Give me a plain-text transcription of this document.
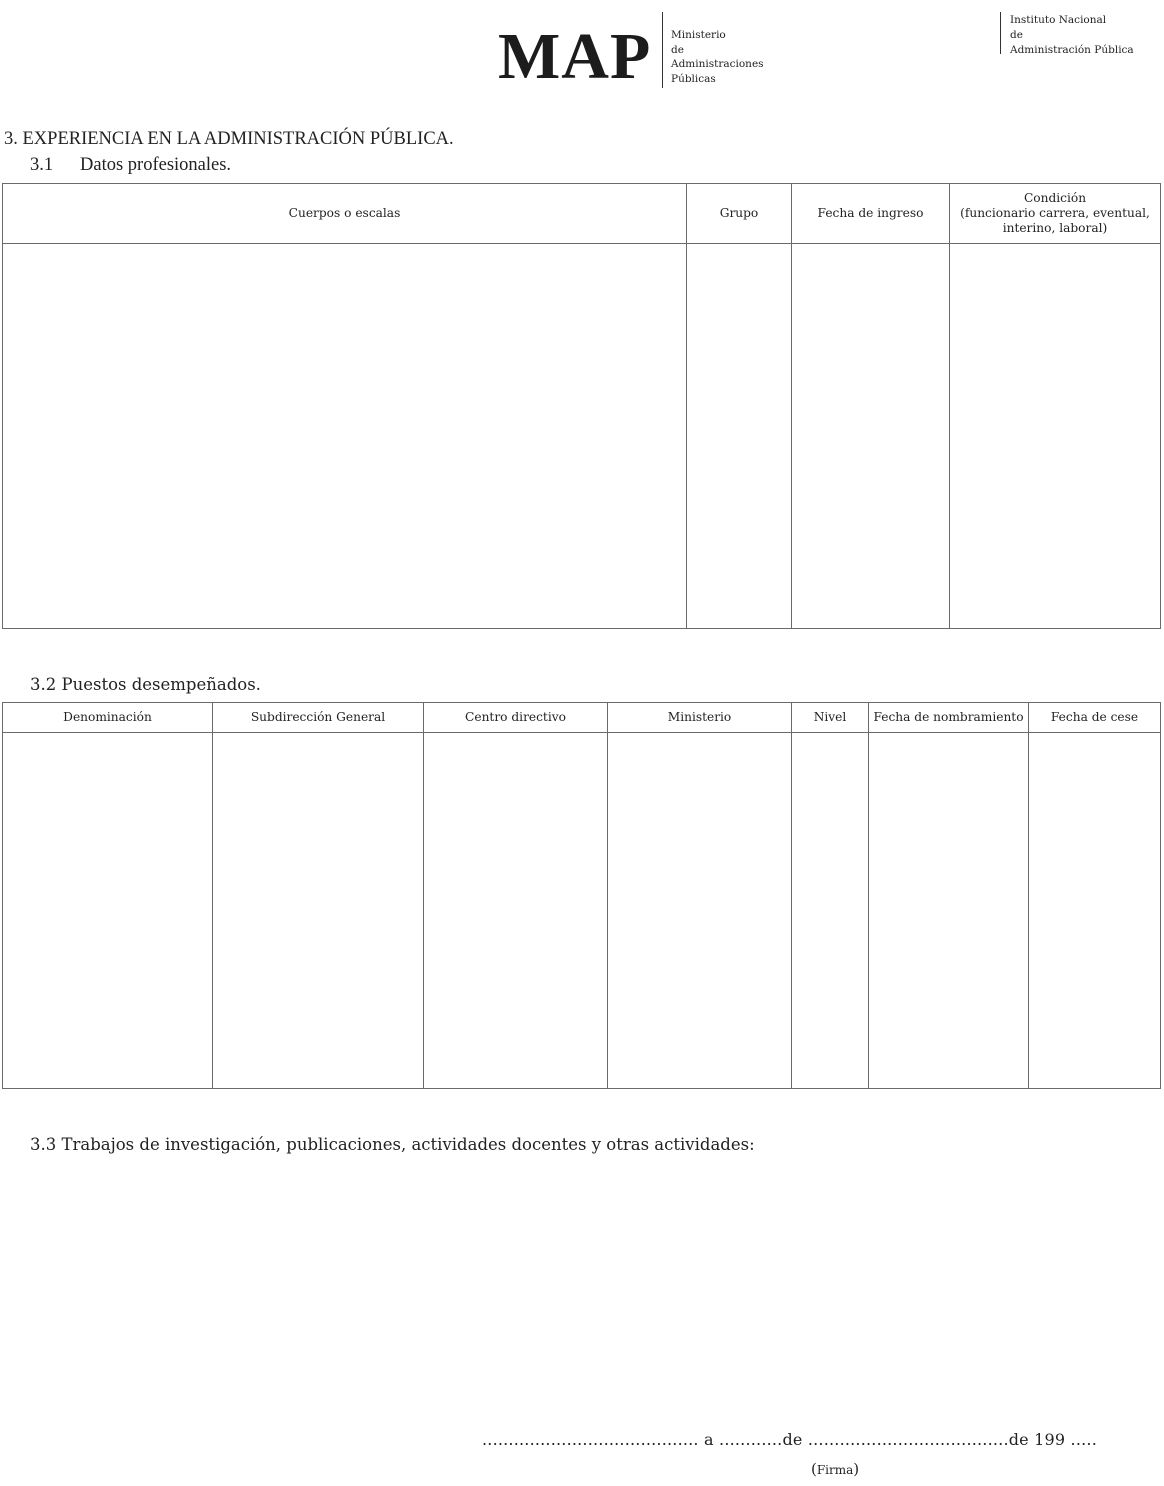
MAP Ministerio
de
Administraciones
Públicas
Instituto Nacional
de
Administración Pública
3. EXPERIENCIA EN LA ADMINISTRACIÓN PÚBLICA.
3.1 Datos profesionales.
Cuerpos o escalas	Grupo	Fecha de ingreso	Condición
(funcionario carrera, eventual,
interino, laboral)

3.2 Puestos desempeñados.
Denominación	Subdirección General	Centro directivo	Ministerio	Nivel	Fecha de nombramiento	Fecha de cese

3.3 Trabajos de investigación, publicaciones, actividades docentes y otras actividades:
......................................... a ............de ......................................de 199 .....
(Firma)
